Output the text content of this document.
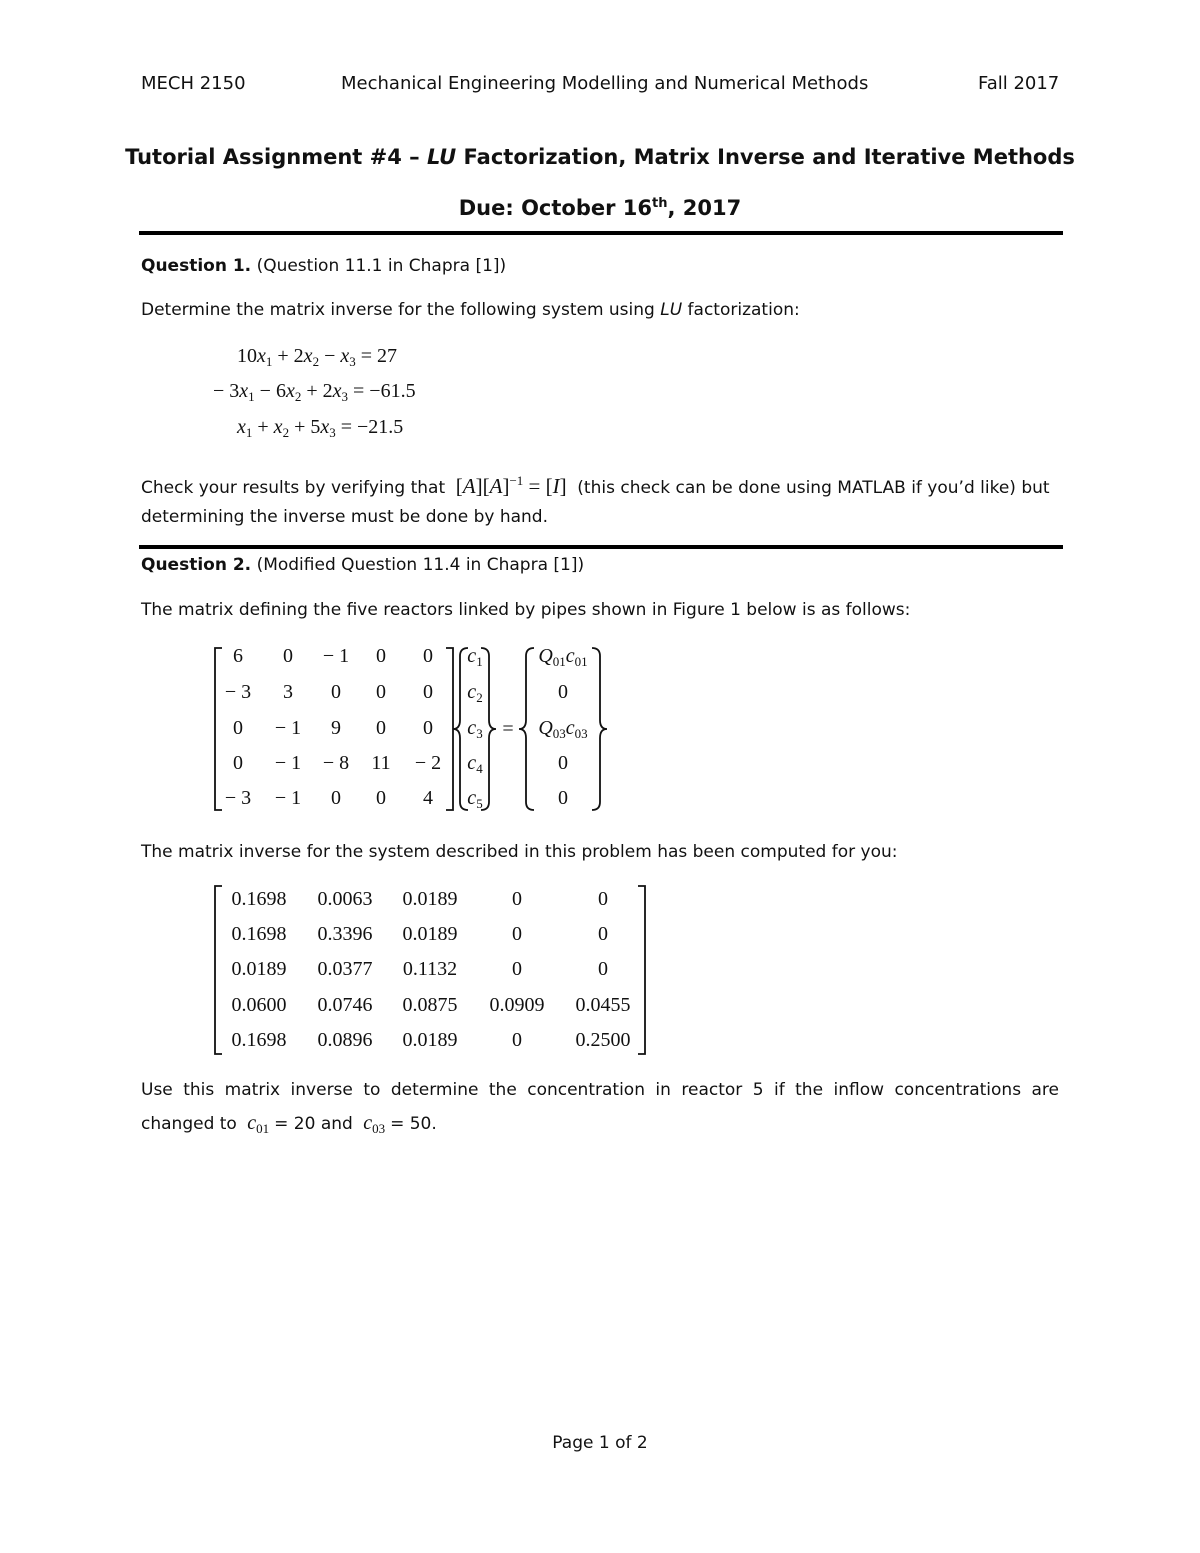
MECH 2150	Mechanical Engineering Modelling and Numerical Methods	Fall 2017
Tutorial Assignment #4 – LU Factorization, Matrix Inverse and Iterative Methods
Due: October 16th, 2017
Question 1. (Question 11.1 in Chapra [1])
Determine the matrix inverse for the following system using LU factorization:
$10x_1 + 2x_2 - x_3 = 27$
− $3x_1 - 6x_2 + 2x_3 = -61.5$
$x_1 + x_2 + 5x_3 = -21.5$
Check your results by verifying that  $[A][A]^{-1} = [I]$  (this check can be done using MATLAB if you’d like) but
determining the inverse must be done by hand.
Question 2. (Modified Question 11.4 in Chapra [1])
The matrix defining the five reactors linked by pipes shown in Figure 1 below is as follows:
6	0	− 1	0	0
− 3	3	0	0	0
0	− 1	9	0	0
0	− 1	− 8	11	− 2
− 3	− 1	0	0	4
$c_1$
$c_2$
$c_3$
$c_4$
$c_5$
=
$Q_{01}c_{01}$
0
$Q_{03}c_{03}$
0
0
The matrix inverse for the system described in this problem has been computed for you:
0.1698	0.0063	0.0189	0	0
0.1698	0.3396	0.0189	0	0
0.0189	0.0377	0.1132	0	0
0.0600	0.0746	0.0875	0.0909	0.0455
0.1698	0.0896	0.0189	0	0.2500
Use this matrix inverse to determine the concentration in reactor 5 if the inflow concentrations are
changed to $c_{01} = 20$ and $c_{03} = 50$.
Page 1 of 2
